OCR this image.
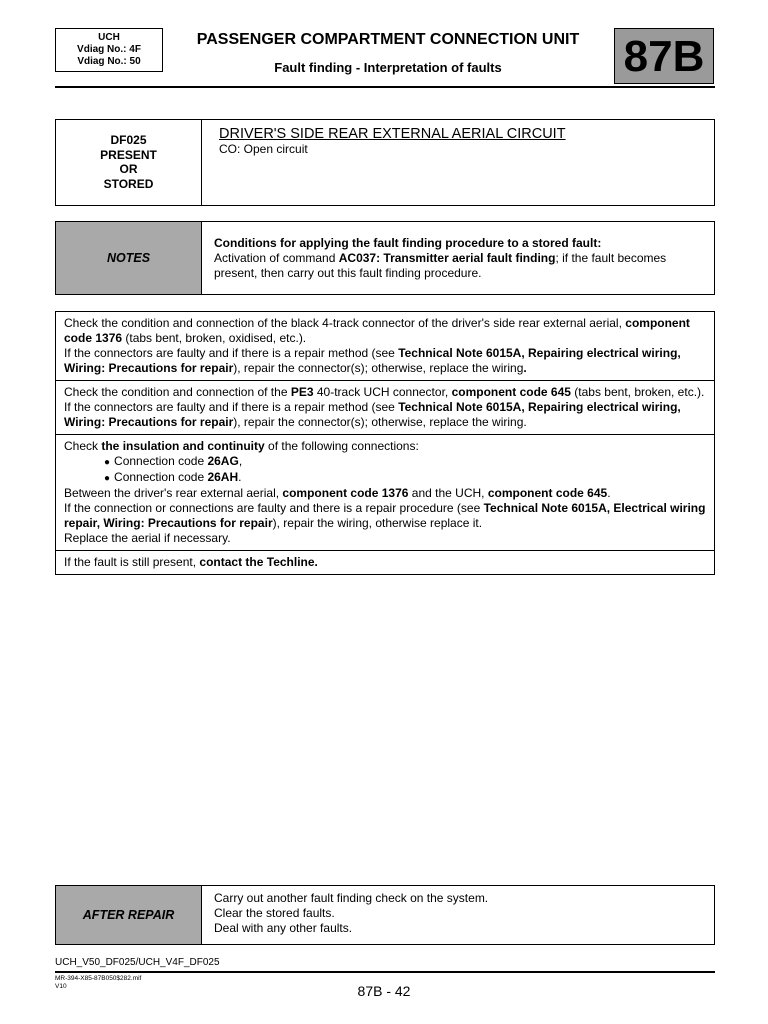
UCH
Vdiag No.: 4F
Vdiag No.: 50
PASSENGER COMPARTMENT CONNECTION UNIT
Fault finding - Interpretation of faults	87B
DF025
PRESENT
OR
STORED
DRIVER'S SIDE REAR EXTERNAL AERIAL CIRCUIT
CO: Open circuit
NOTES
Conditions for applying the fault finding procedure to a stored fault:
Activation of command AC037: Transmitter aerial fault finding; if the fault becomes present, then carry out this fault finding procedure.
Check the condition and connection of the black 4-track connector of the driver's side rear external aerial, component code 1376 (tabs bent, broken, oxidised, etc.).
If the connectors are faulty and if there is a repair method (see Technical Note 6015A, Repairing electrical wiring, Wiring: Precautions for repair), repair the connector(s); otherwise, replace the wiring.
Check the condition and connection of the PE3 40-track UCH connector, component code 645 (tabs bent, broken, etc.).
If the connectors are faulty and if there is a repair method (see Technical Note 6015A, Repairing electrical wiring, Wiring: Precautions for repair), repair the connector(s); otherwise, replace the wiring.
Check the insulation and continuity of the following connections:
● Connection code 26AG,
● Connection code 26AH.
Between the driver's rear external aerial, component code 1376 and the UCH, component code 645.
If the connection or connections are faulty and there is a repair procedure (see Technical Note 6015A, Electrical wiring repair, Wiring: Precautions for repair), repair the wiring, otherwise replace it.
Replace the aerial if necessary.
If the fault is still present, contact the Techline.
AFTER REPAIR
Carry out another fault finding check on the system.
Clear the stored faults.
Deal with any other faults.
UCH_V50_DF025/UCH_V4F_DF025
MR-394-X85-87B050$282.mif
V10	87B - 42
